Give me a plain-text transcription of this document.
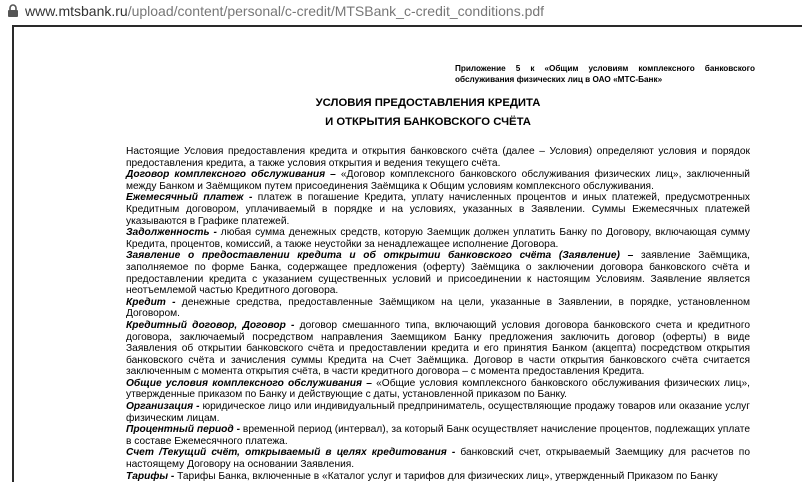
www.mtsbank.ru/upload/content/personal/c-credit/MTSBank_c-credit_conditions.pdf
Приложение 5 к «Общим условиям комплексного банковского обслуживания физических лиц в ОАО «МТС-Банк»
УСЛОВИЯ ПРЕДОСТАВЛЕНИЯ КРЕДИТА
И ОТКРЫТИЯ БАНКОВСКОГО СЧЁТА

Настоящие Условия предоставления кредита и открытия банковского счёта (далее – Условия) определяют условия и порядок предоставления кредита, а также условия открытия и ведения текущего счёта.

Договор комплексного обслуживания – «Договор комплексного банковского обслуживания физических лиц», заключенный между Банком и Заёмщиком путем присоединения Заёмщика к Общим условиям комплексного обслуживания.

Ежемесячный платеж - платеж в погашение Кредита, уплату начисленных процентов и иных платежей, предусмотренных Кредитным договором, уплачиваемый в порядке и на условиях, указанных в Заявлении. Суммы Ежемесячных платежей указываются в Графике платежей.

Задолженность - любая сумма денежных средств, которую Заемщик должен уплатить Банку по Договору, включающая сумму Кредита, процентов, комиссий, а также неустойки за ненадлежащее исполнение Договора.

Заявление о предоставлении кредита и об открытии банковского счёта (Заявление) – заявление Заёмщика, заполняемое по форме Банка, содержащее предложения (оферту) Заёмщика о заключении договора банковского счёта и предоставлении кредита с указанием существенных условий и присоединении к настоящим Условиям. Заявление является неотъемлемой частью Кредитного договора.

Кредит - денежные средства, предоставленные Заёмщиком на цели, указанные в Заявлении, в порядке, установленном Договором.

Кредитный договор, Договор - договор смешанного типа, включающий условия договора банковского счета и кредитного договора, заключаемый посредством направления Заемщиком Банку предложения заключить договор (оферты) в виде Заявления об открытии банковского счёта и предоставлении кредита и его принятия Банком (акцепта) посредством открытия банковского счёта и зачисления суммы Кредита на Счет Заёмщика. Договор в части открытия банковского счёта считается заключенным с момента открытия счёта, в части кредитного договора – с момента предоставления Кредита.

Общие условия комплексного обслуживания – «Общие условия комплексного банковского обслуживания физических лиц», утвержденные приказом по Банку и действующие с даты, установленной приказом по Банку.

Организация - юридическое лицо или индивидуальный предприниматель, осуществляющие продажу товаров или оказание услуг физическим лицам.

Процентный период - временной период (интервал), за который Банк осуществляет начисление процентов, подлежащих уплате в составе Ежемесячного платежа.

Счет /Текущий счёт, открываемый в целях кредитования - банковский счет, открываемый Заемщику для расчетов по настоящему Договору на основании Заявления.

Тарифы - Тарифы Банка, включенные в «Каталог услуг и тарифов для физических лиц», утвержденный Приказом по Банку
